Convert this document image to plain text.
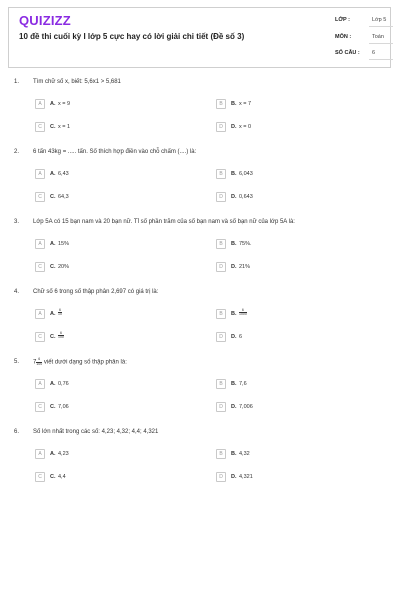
QUIZIZZ
10 đề thi cuối kỳ I lớp 5 cực hay có lời giải chi tiết (Đề số 3)
LỚP :	Lớp 5
MÔN :	Toán
SỐ CÂU : 6
1. Tìm chữ số x, biết: 5,6x1 > 5,681
A	A. x = 9	B	B. x = 7
C	C. x = 1	D	D. x = 0
2. 6 tấn 43kg = ..... tấn. Số thích hợp điền vào chỗ chấm (....) là:
A	A. 6,43	B	B. 6,043
C	C. 64,3	D	D. 0,643
3. Lớp 5A có 15 bạn nam và 20 bạn nữ. Tỉ số phần trăm của số bạn nam và số bạn nữ của lớp 5A là:
A	A. 15%	B	B. 75%.
C	C. 20%	D	D. 21%
4. Chữ số 6 trong số thập phân 2,697 có giá trị là:
A	A. $\frac{6}{10}$	B	B. $\frac{6}{1000}$
C	C. $\frac{6}{100}$	D	D. 6
5. $7 \frac{6}{100}$ viết dưới dạng số thập phân là:
A	A. 0,76	B	B. 7,6
C	C. 7,06	D	D. 7,006
6. Số lớn nhất trong các số: 4,23; 4,32; 4,4; 4,321
A	A. 4,23	B	B. 4,32
C	C. 4,4	D	D. 4,321
